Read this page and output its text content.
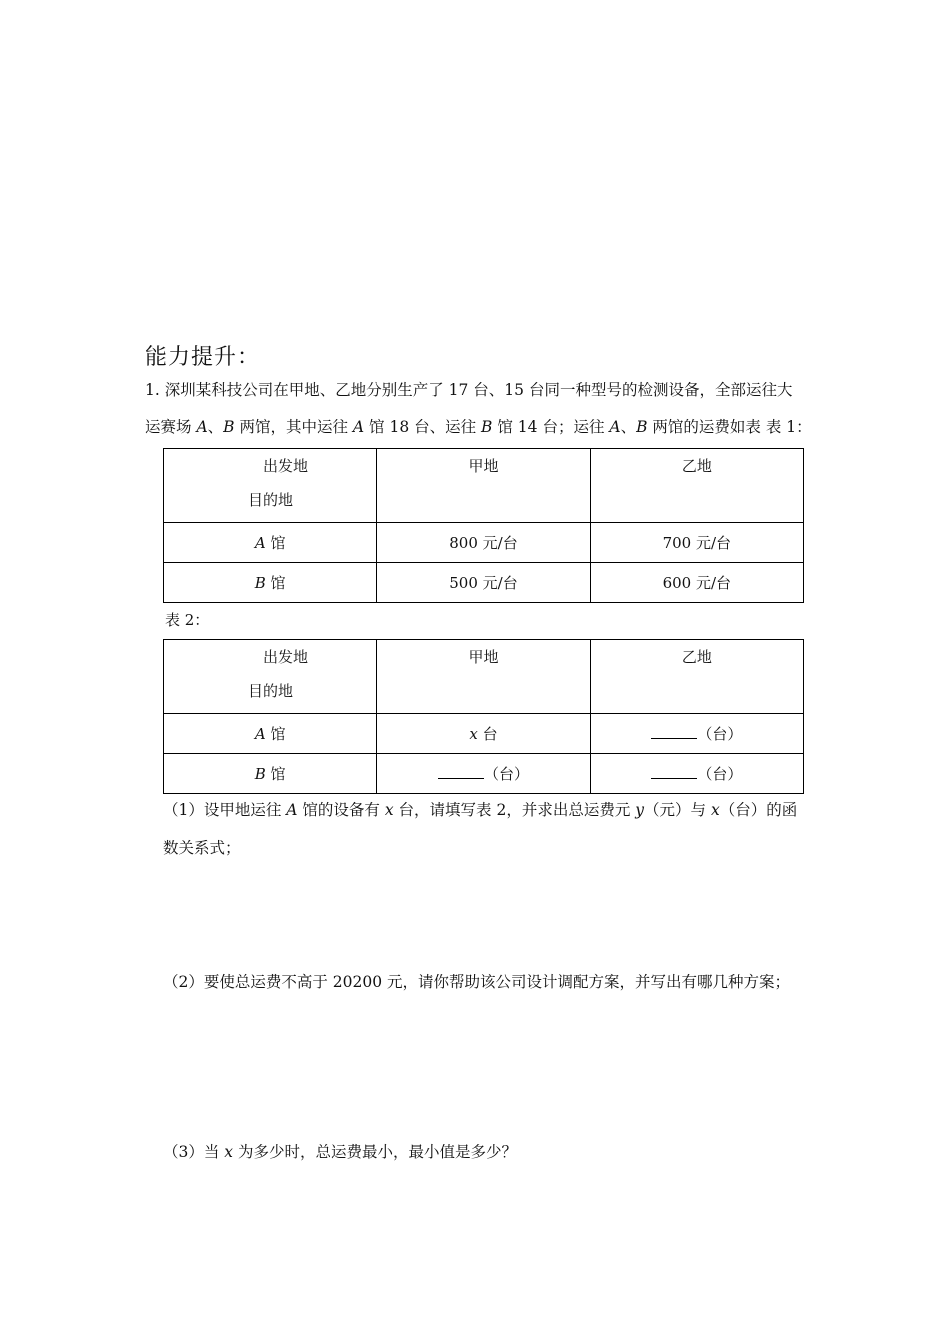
能力提升：
1. 深圳某科技公司在甲地、乙地分别生产了 17 台、15 台同一种型号的检测设备，全部运往大
运赛场 A、B 两馆，其中运往 A 馆 18 台、运往 B 馆 14 台；运往 A、B 两馆的运费如表 表 1：
出发地
目的地	甲地	乙地

A 馆	800 元/台	700 元/台
B 馆	500 元/台	600 元/台
表 2：
出发地
目的地	甲地	乙地

A 馆	x 台	（台）
B 馆	（台）	（台）
（1）设甲地运往 A 馆的设备有 x 台，请填写表 2，并求出总运费元 y（元）与 x（台）的函
数关系式；
（2）要使总运费不高于 20200 元，请你帮助该公司设计调配方案，并写出有哪几种方案；
（3）当 x 为多少时，总运费最小，最小值是多少？
